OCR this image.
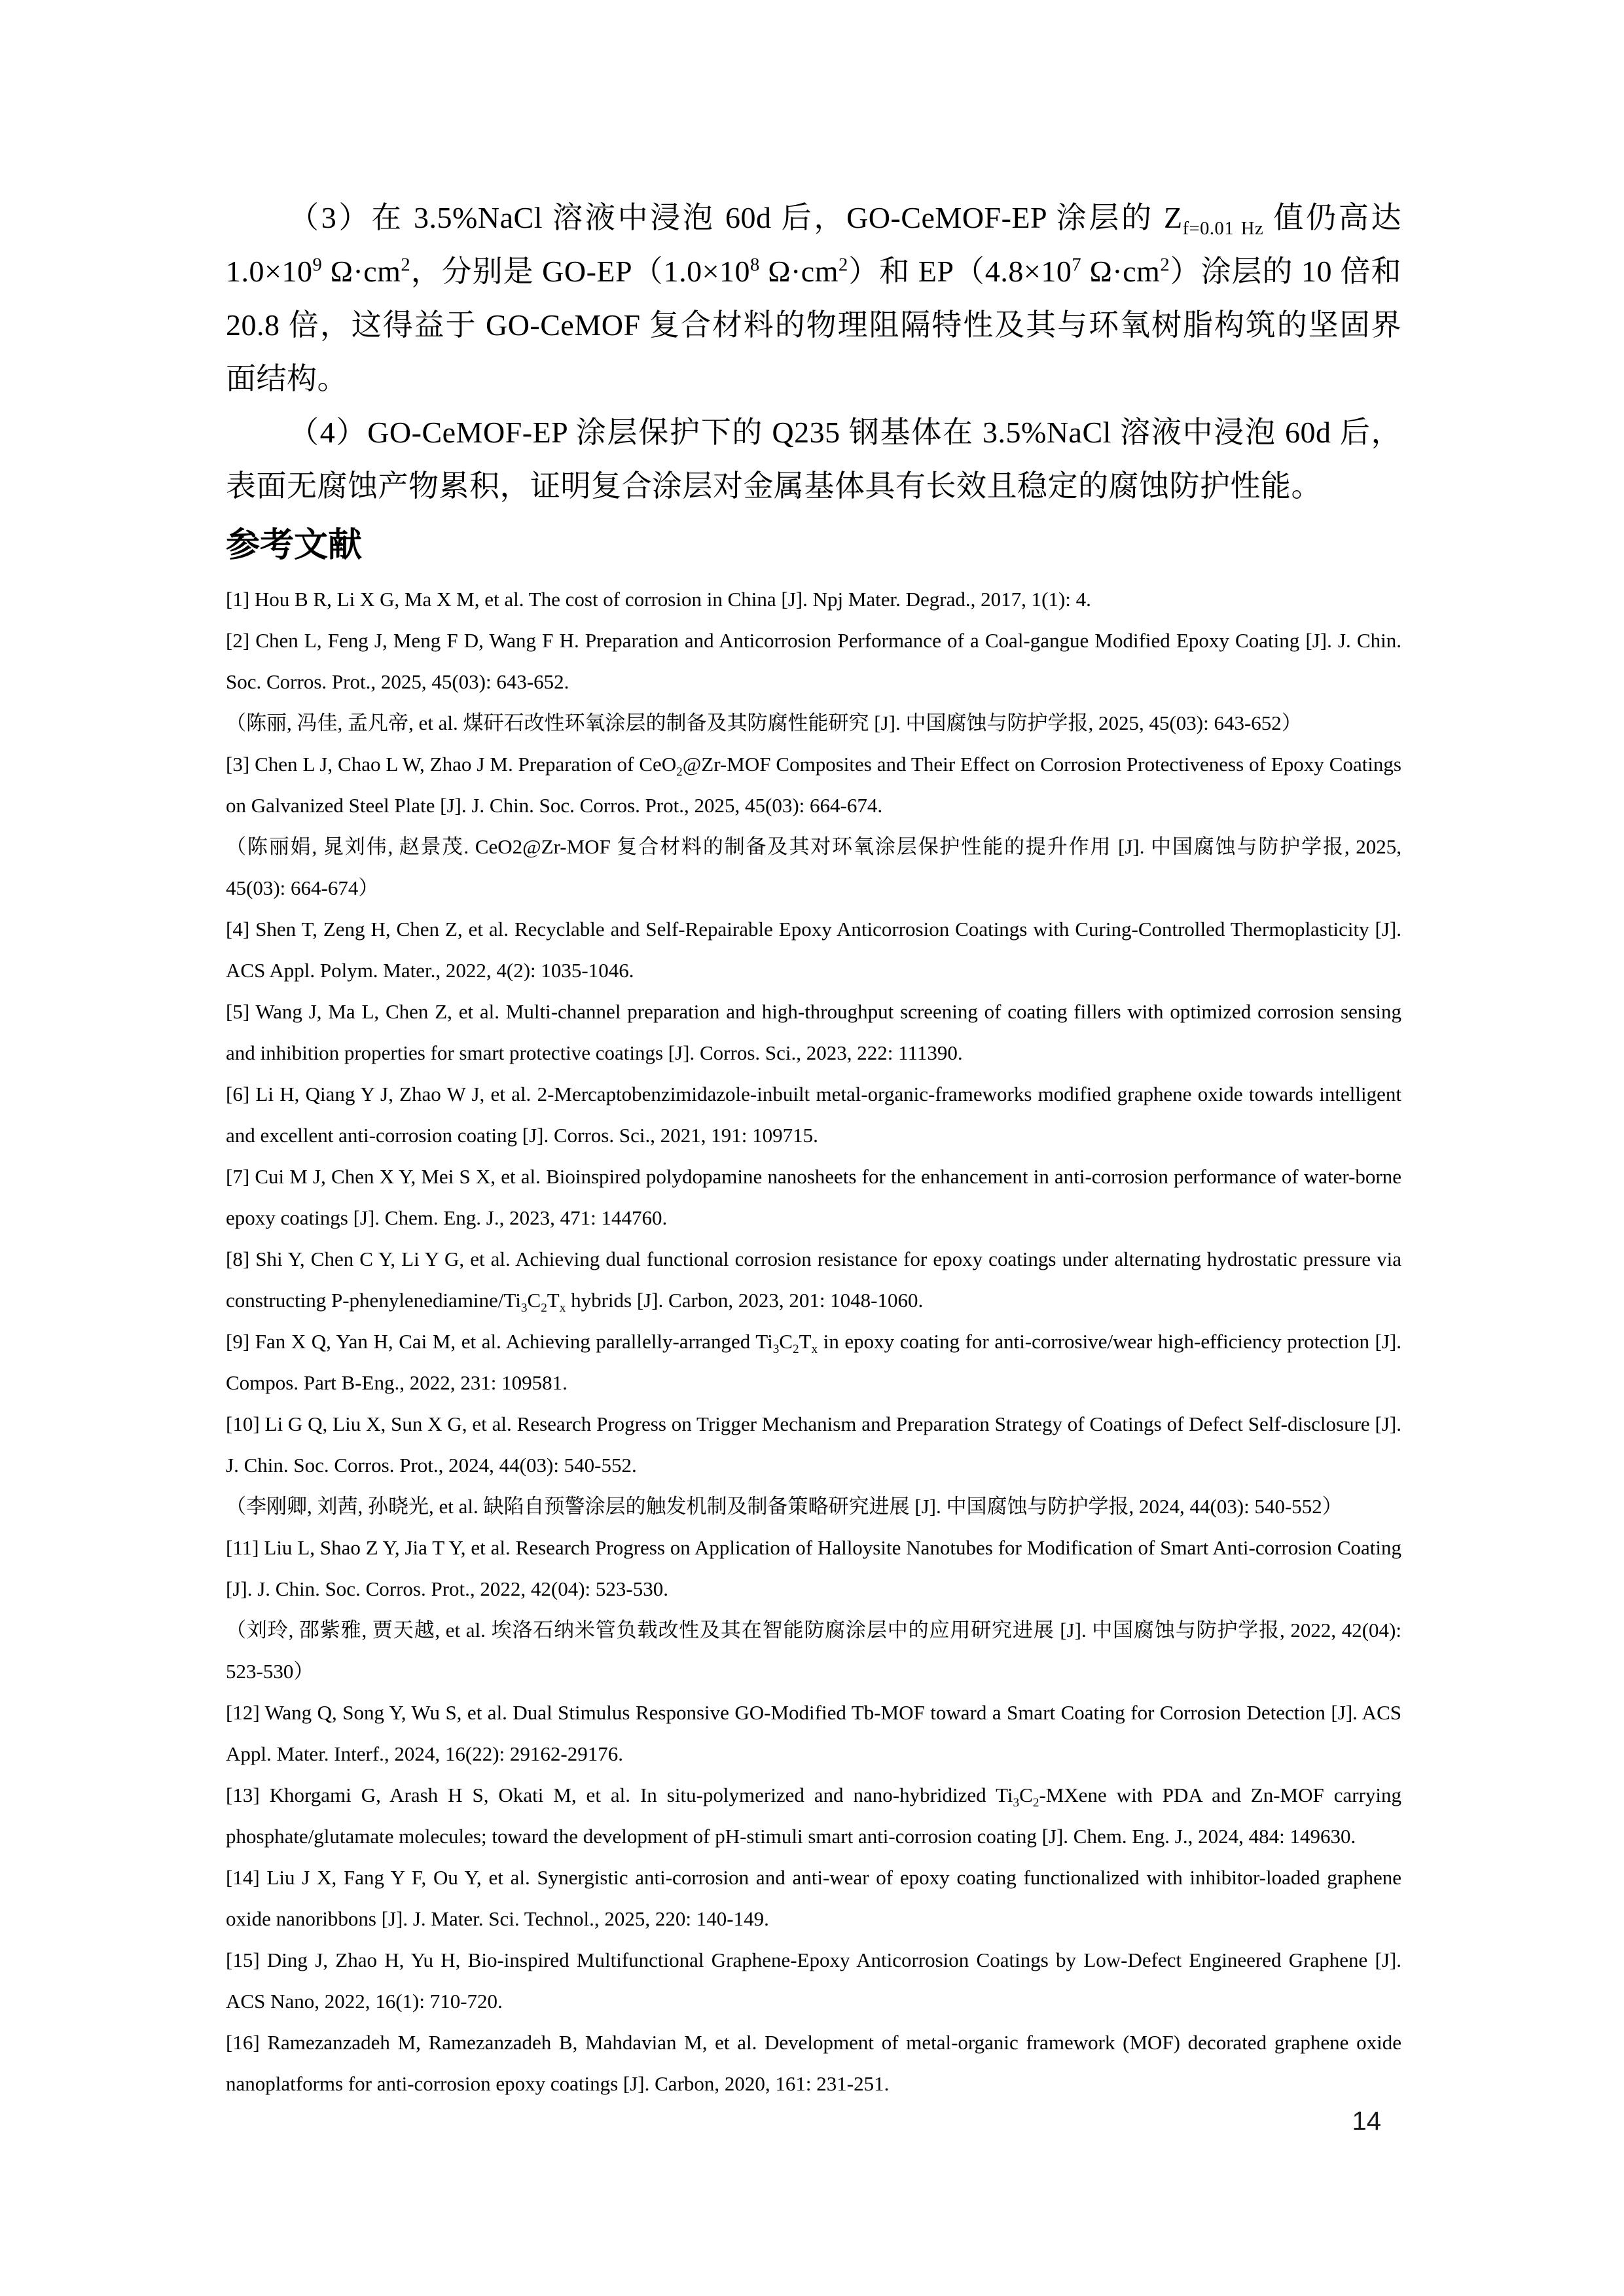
（3）在 3.5%NaCl 溶液中浸泡 60d 后，GO-CeMOF-EP 涂层的 $Z_{f=0.01 Hz}$ 值仍高达 $1.0\times 10^9$ $\Omega\cdot cm^2$，分别是 $GO-EP(1.0\times 10^8$ $\Omega\cdot cm^2$）和 $EP(4.8\times 10^7$ $\Omega\cdot cm^2$）涂层的 10 倍和 20.8 倍，这得益于 GO-CeMOF 复合材料的物理阻隔特性及其与环氧树脂构筑的坚固界面结构。

（4）GO-CeMOF-EP 涂层保护下的 Q235 钢基体在 3.5%NaCl 溶液中浸泡 60d 后，表面无腐蚀产物累积，证明复合涂层对金属基体具有长效且稳定的腐蚀防护性能。

参考文献

[1] Hou B R, Li X G, Ma X M, et al. The cost of corrosion in China [J]. Npj Mater. Degrad., 2017, 1(1): 4.

[2] Chen L, Feng J, Meng F D, Wang F H. Preparation and Anticorrosion Performance of a Coal-gangue Modified Epoxy Coating [J]. J. Chin. Soc. Corros. Prot., 2025, 45(03): 643-652.

（陈丽, 冯佳, 孟凡帝, et al. 煤矸石改性环氧涂层的制备及其防腐性能研究 [J]. 中国腐蚀与防护学报, 2025, 45(03): 643-652）

[3] Chen L J, Chao L W, Zhao J M. Preparation of CeO$_2$@Zr-MOF Composites and Their Effect on Corrosion Protectiveness of Epoxy Coatings on Galvanized Steel Plate [J]. J. Chin. Soc. Corros. Prot., 2025, 45(03): 664-674.

（陈丽娟, 晁刘伟, 赵景茂. CeO2@Zr-MOF 复合材料的制备及其对环氧涂层保护性能的提升作用 [J]. 中国腐蚀与防护学报, 2025, 45(03): 664-674）

[4] Shen T, Zeng H, Chen Z, et al. Recyclable and Self-Repairable Epoxy Anticorrosion Coatings with Curing-Controlled Thermoplasticity [J]. ACS Appl. Polym. Mater., 2022, 4(2): 1035-1046.

[5] Wang J, Ma L, Chen Z, et al. Multi-channel preparation and high-throughput screening of coating fillers with optimized corrosion sensing and inhibition properties for smart protective coatings [J]. Corros. Sci., 2023, 222: 111390.

[6] Li H, Qiang Y J, Zhao W J, et al. 2-Mercaptobenzimidazole-inbuilt metal-organic-frameworks modified graphene oxide towards intelligent and excellent anti-corrosion coating [J]. Corros. Sci., 2021, 191: 109715.

[7] Cui M J, Chen X Y, Mei S X, et al. Bioinspired polydopamine nanosheets for the enhancement in anti-corrosion performance of water-borne epoxy coatings [J]. Chem. Eng. J., 2023, 471: 144760.

[8] Shi Y, Chen C Y, Li Y G, et al. Achieving dual functional corrosion resistance for epoxy coatings under alternating hydrostatic pressure via constructing $P-phenylenediamine/Ti_3C_2T_x$ hybrids [J]. Carbon, 2023, 201: 1048-1060.

[9] Fan X Q, Yan H, Cai M, et al. Achieving parallelly-arranged $Ti_3C_2T_x$ in epoxy coating for anti-corrosive/wear high-efficiency protection [J]. Compos. Part B-Eng., 2022, 231: 109581.

[10] Li G Q, Liu X, Sun X G, et al. Research Progress on Trigger Mechanism and Preparation Strategy of Coatings of Defect Self-disclosure [J]. J. Chin. Soc. Corros. Prot., 2024, 44(03): 540-552.

（李刚卿, 刘茜, 孙晓光, et al. 缺陷自预警涂层的触发机制及制备策略研究进展 [J]. 中国腐蚀与防护学报, 2024, 44(03): 540-552）

[11] Liu L, Shao Z Y, Jia T Y, et al. Research Progress on Application of Halloysite Nanotubes for Modification of Smart Anti-corrosion Coating [J]. J. Chin. Soc. Corros. Prot., 2022, 42(04): 523-530.

（刘玲, 邵紫雅, 贾天越, et al. 埃洛石纳米管负载改性及其在智能防腐涂层中的应用研究进展 [J]. 中国腐蚀与防护学报, 2022, 42(04): 523-530）

[12] Wang Q, Song Y, Wu S, et al. Dual Stimulus Responsive GO-Modified Tb-MOF toward a Smart Coating for Corrosion Detection [J]. ACS Appl. Mater. Interf., 2024, 16(22): 29162-29176.

[13] Khorgami G, Arash H S, Okati M, et al. In situ-polymerized and nano-hybridized $Ti_3C_2$-MXene with PDA and Zn-MOF carrying phosphate/glutamate molecules; toward the development of pH-stimuli smart anti-corrosion coating [J]. Chem. Eng. J., 2024, 484: 149630.

[14] Liu J X, Fang Y F, Ou Y, et al. Synergistic anti-corrosion and anti-wear of epoxy coating functionalized with inhibitor-loaded graphene oxide nanoribbons [J]. J. Mater. Sci. Technol., 2025, 220: 140-149.

[15] Ding J, Zhao H, Yu H, Bio-inspired Multifunctional Graphene-Epoxy Anticorrosion Coatings by Low-Defect Engineered Graphene [J]. ACS Nano, 2022, 16(1): 710-720.

[16] Ramezanzadeh M, Ramezanzadeh B, Mahdavian M, et al. Development of metal-organic framework (MOF) decorated graphene oxide nanoplatforms for anti-corrosion epoxy coatings [J]. Carbon, 2020, 161: 231-251.

14
